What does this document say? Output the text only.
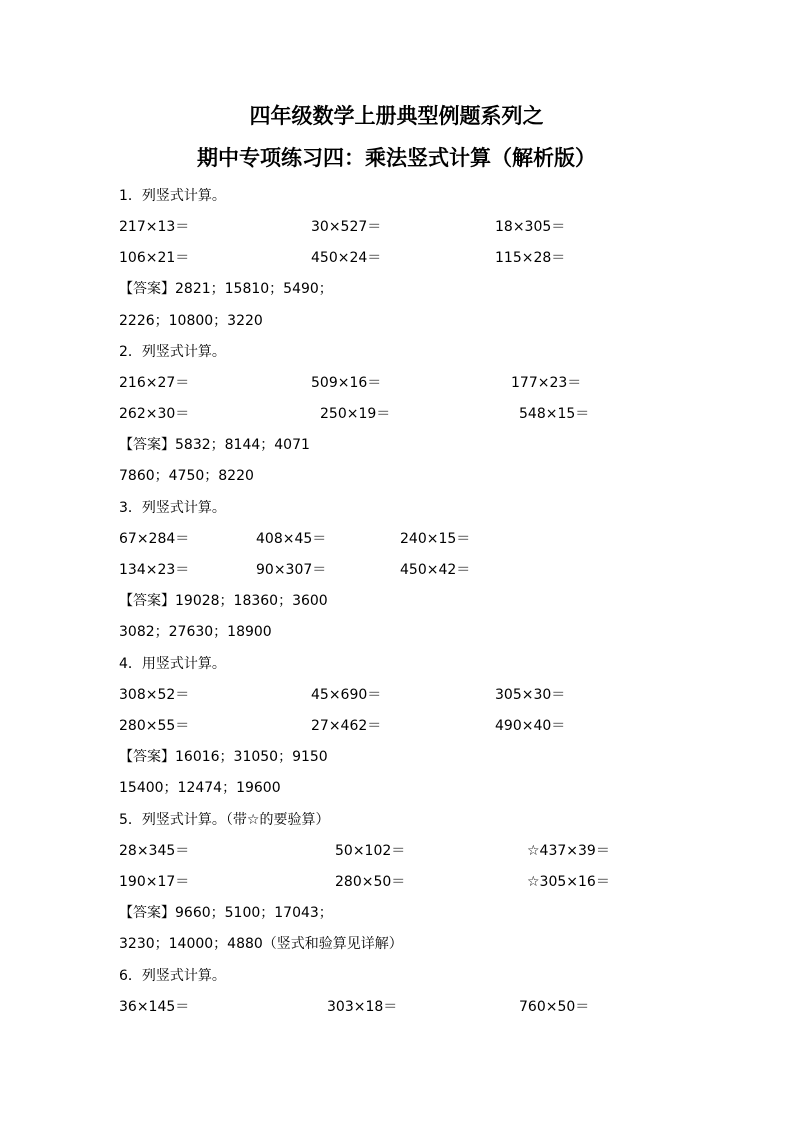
四年级数学上册典型例题系列之
期中专项练习四：乘法竖式计算（解析版）
1．列竖式计算。
217×13＝	30×527＝	18×305＝
106×21＝	450×24＝	115×28＝
【答案】2821；15810；5490；
2226；10800；3220
2．列竖式计算。
216×27＝	509×16＝	177×23＝
262×30＝	250×19＝	548×15＝
【答案】5832；8144；4071
7860；4750；8220
3．列竖式计算。
67×284＝	408×45＝	240×15＝
134×23＝	90×307＝	450×42＝
【答案】19028；18360；3600
3082；27630；18900
4．用竖式计算。
308×52＝	45×690＝	305×30＝
280×55＝	27×462＝	490×40＝
【答案】16016；31050；9150
15400；12474；19600
5．列竖式计算。（带☆的要验算）
28×345＝	50×102＝	☆437×39＝
190×17＝	280×50＝	☆305×16＝
【答案】9660；5100；17043；
3230；14000；4880（竖式和验算见详解）
6．列竖式计算。
36×145＝	303×18＝	760×50＝
